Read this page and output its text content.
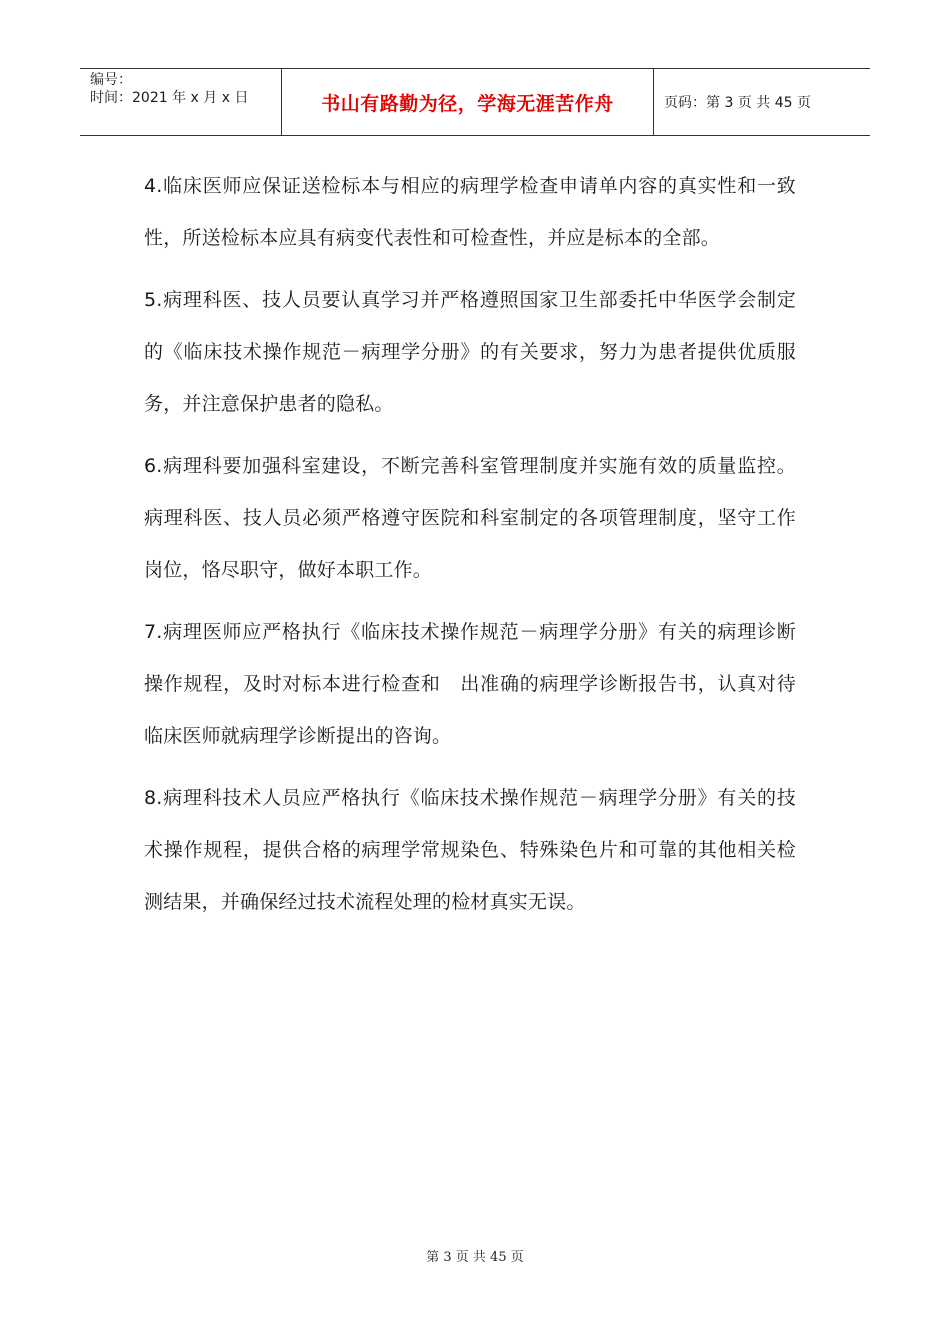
编号：
时间：2021 年 x 月 x 日	书山有路勤为径，学海无涯苦作舟	页码：第 3 页 共 45 页

4.临床医师应保证送检标本与相应的病理学检查申请单内容的真实性和一致性，所送检标本应具有病变代表性和可检查性，并应是标本的全部。

5.病理科医、技人员要认真学习并严格遵照国家卫生部委托中华医学会制定的《临床技术操作规范－病理学分册》的有关要求，努力为患者提供优质服务，并注意保护患者的隐私。

6.病理科要加强科室建设，不断完善科室管理制度并实施有效的质量监控。病理科医、技人员必须严格遵守医院和科室制定的各项管理制度，坚守工作岗位，恪尽职守，做好本职工作。

7.病理医师应严格执行《临床技术操作规范－病理学分册》有关的病理诊断操作规程，及时对标本进行检查和　出准确的病理学诊断报告书，认真对待临床医师就病理学诊断提出的咨询。

8.病理科技术人员应严格执行《临床技术操作规范－病理学分册》有关的技术操作规程，提供合格的病理学常规染色、特殊染色片和可靠的其他相关检测结果，并确保经过技术流程处理的检材真实无误。

第 3 页 共 45 页
